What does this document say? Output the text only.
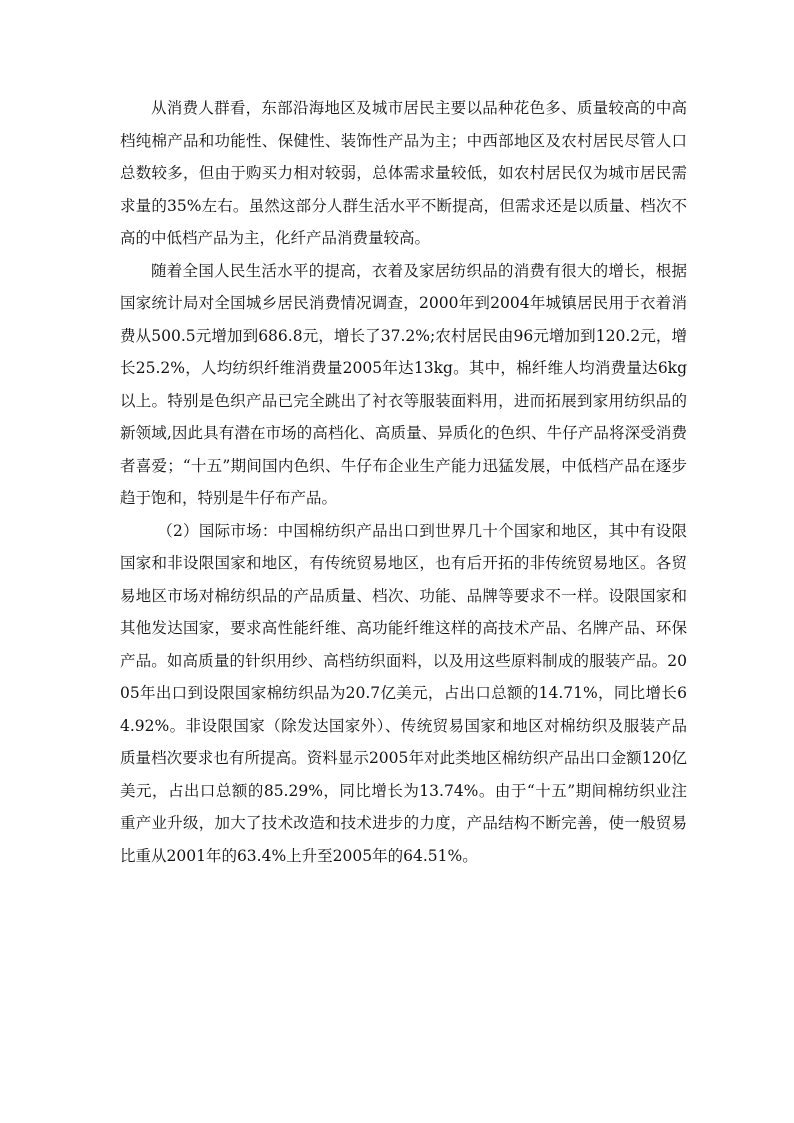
从消费人群看，东部沿海地区及城市居民主要以品种花色多、质量较高的中高档纯棉产品和功能性、保健性、装饰性产品为主；中西部地区及农村居民尽管人口总数较多，但由于购买力相对较弱，总体需求量较低，如农村居民仅为城市居民需求量的35%左右。虽然这部分人群生活水平不断提高，但需求还是以质量、档次不高的中低档产品为主，化纤产品消费量较高。

随着全国人民生活水平的提高，衣着及家居纺织品的消费有很大的增长，根据国家统计局对全国城乡居民消费情况调查，2000年到2004年城镇居民用于衣着消费从500.5元增加到686.8元，增长了37.2%;农村居民由96元增加到120.2元，增长25.2%，人均纺织纤维消费量2005年达13kg。其中，棉纤维人均消费量达6kg以上。特别是色织产品已完全跳出了衬衣等服装面料用，进而拓展到家用纺织品的新领域,因此具有潜在市场的高档化、高质量、异质化的色织、牛仔产品将深受消费者喜爱；“十五”期间国内色织、牛仔布企业生产能力迅猛发展，中低档产品在逐步趋于饱和，特别是牛仔布产品。

（2）国际市场：中国棉纺织产品出口到世界几十个国家和地区，其中有设限国家和非设限国家和地区，有传统贸易地区，也有后开拓的非传统贸易地区。各贸易地区市场对棉纺织品的产品质量、档次、功能、品牌等要求不一样。设限国家和其他发达国家，要求高性能纤维、高功能纤维这样的高技术产品、名牌产品、环保产品。如高质量的针织用纱、高档纺织面料，以及用这些原料制成的服装产品。2005年出口到设限国家棉纺织品为20.7亿美元，占出口总额的14.71%，同比增长64.92%。非设限国家（除发达国家外）、传统贸易国家和地区对棉纺织及服装产品质量档次要求也有所提高。资料显示2005年对此类地区棉纺织产品出口金额120亿美元，占出口总额的85.29%，同比增长为13.74%。由于“十五”期间棉纺织业注重产业升级，加大了技术改造和技术进步的力度，产品结构不断完善，使一般贸易比重从2001年的63.4%上升至2005年的64.51%。
